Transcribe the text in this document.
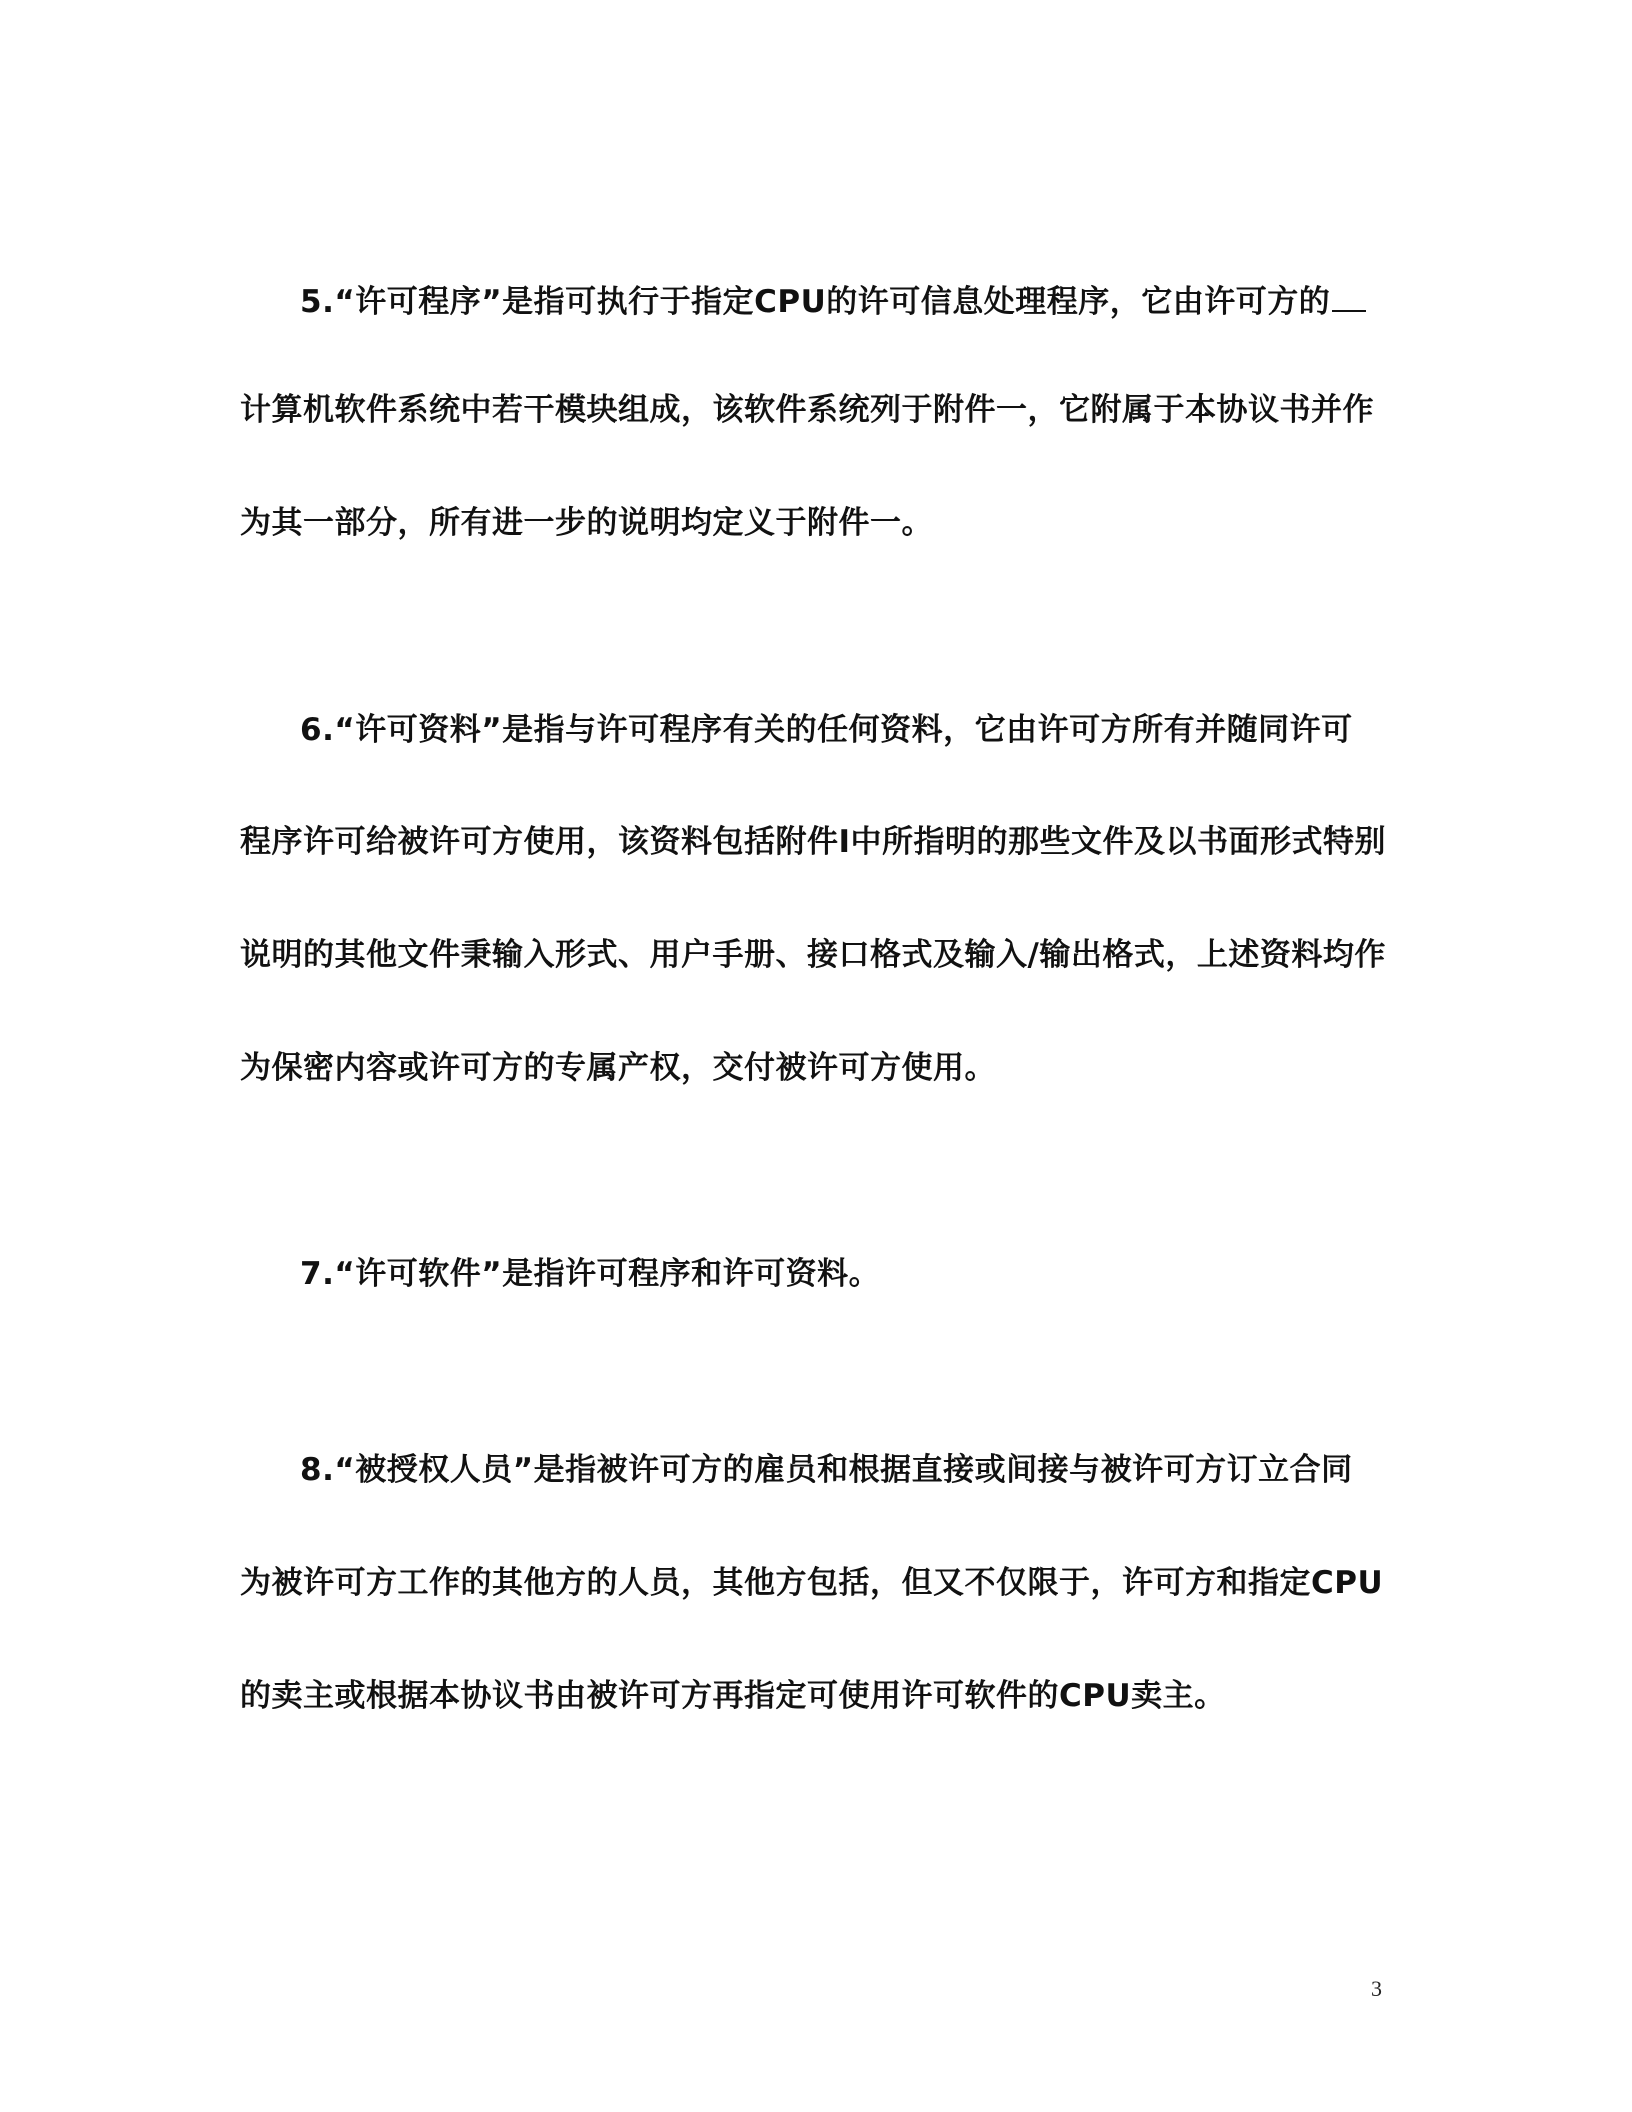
5.“许可程序”是指可执行于指定CPU的许可信息处理程序，它由许可方的
计算机软件系统中若干模块组成，该软件系统列于附件一，它附属于本协议书并作
为其一部分，所有进一步的说明均定义于附件一。
6.“许可资料”是指与许可程序有关的任何资料，它由许可方所有并随同许可
程序许可给被许可方使用，该资料包括附件I中所指明的那些文件及以书面形式特别
说明的其他文件秉输入形式、用户手册、接口格式及输入/输出格式，上述资料均作
为保密内容或许可方的专属产权，交付被许可方使用。
7.“许可软件”是指许可程序和许可资料。
8.“被授权人员”是指被许可方的雇员和根据直接或间接与被许可方订立合同
为被许可方工作的其他方的人员，其他方包括，但又不仅限于，许可方和指定CPU
的卖主或根据本协议书由被许可方再指定可使用许可软件的CPU卖主。
3
